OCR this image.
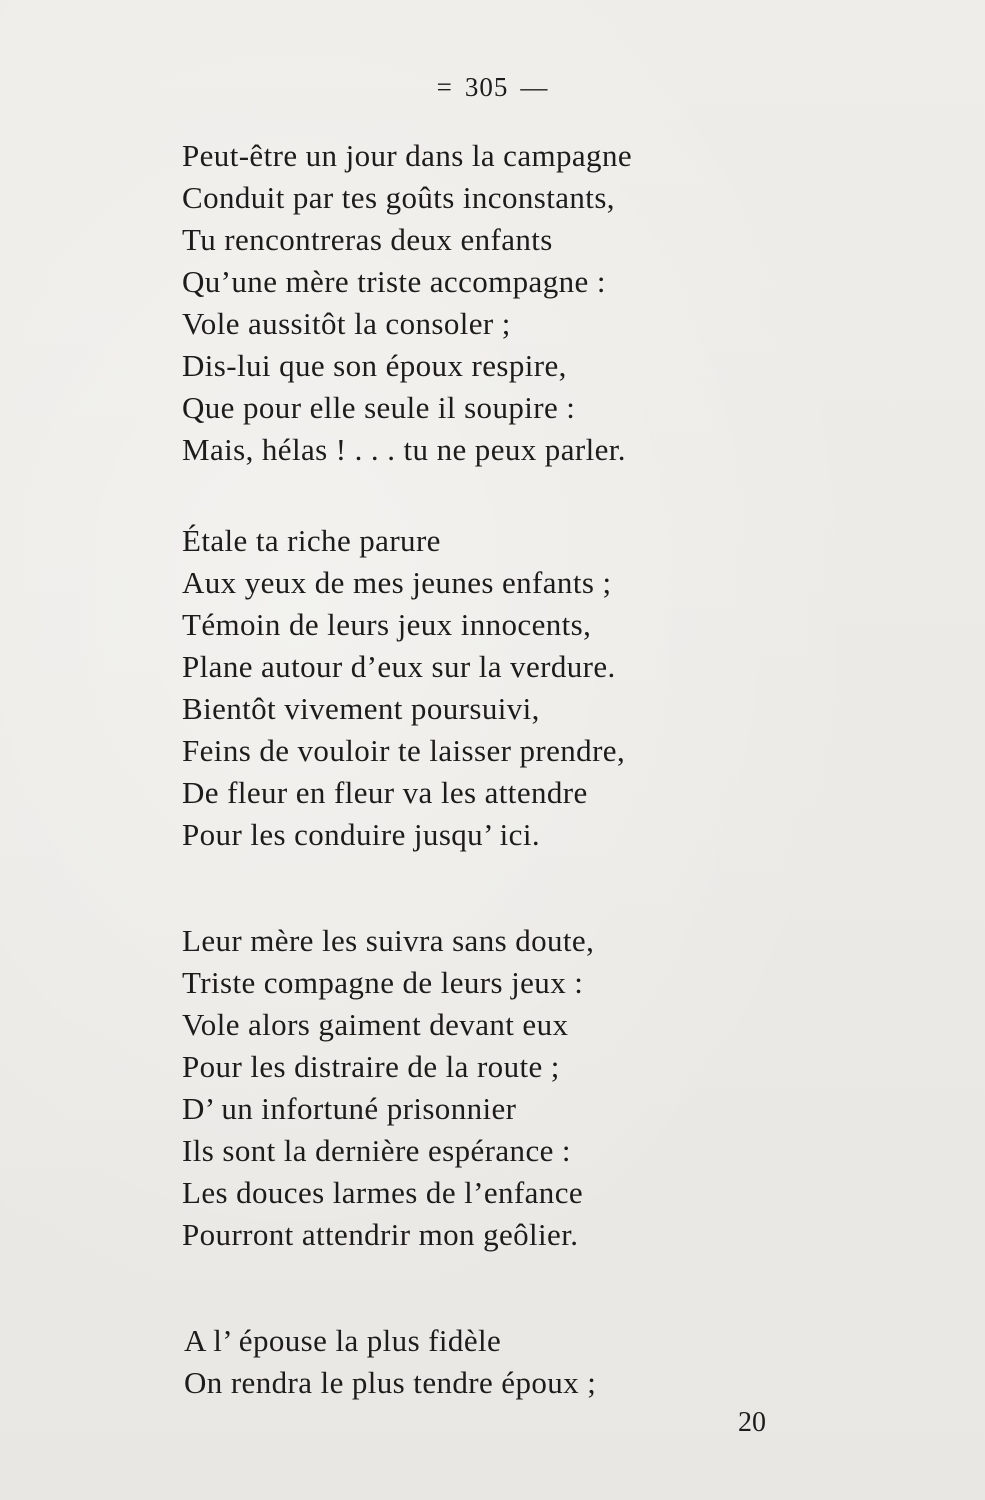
= 305 —
Peut-être un jour dans la campagne
Conduit par tes goûts inconstants,
Tu rencontreras deux enfants
Qu’une mère triste accompagne :
Vole aussitôt la consoler ;
Dis-lui que son époux respire,
Que pour elle seule il soupire :
Mais, hélas ! . . . tu ne peux parler.
Étale ta riche parure
Aux yeux de mes jeunes enfants ;
Témoin de leurs jeux innocents,
Plane autour d’eux sur la verdure.
Bientôt vivement poursuivi,
Feins de vouloir te laisser prendre,
De fleur en fleur va les attendre
Pour les conduire jusqu’ ici.
Leur mère les suivra sans doute,
Triste compagne de leurs jeux :
Vole alors gaiment devant eux
Pour les distraire de la route ;
D’ un infortuné prisonnier
Ils sont la dernière espérance :
Les douces larmes de l’enfance
Pourront attendrir mon geôlier.
A l’ épouse la plus fidèle
On rendra le plus tendre époux ;
20
